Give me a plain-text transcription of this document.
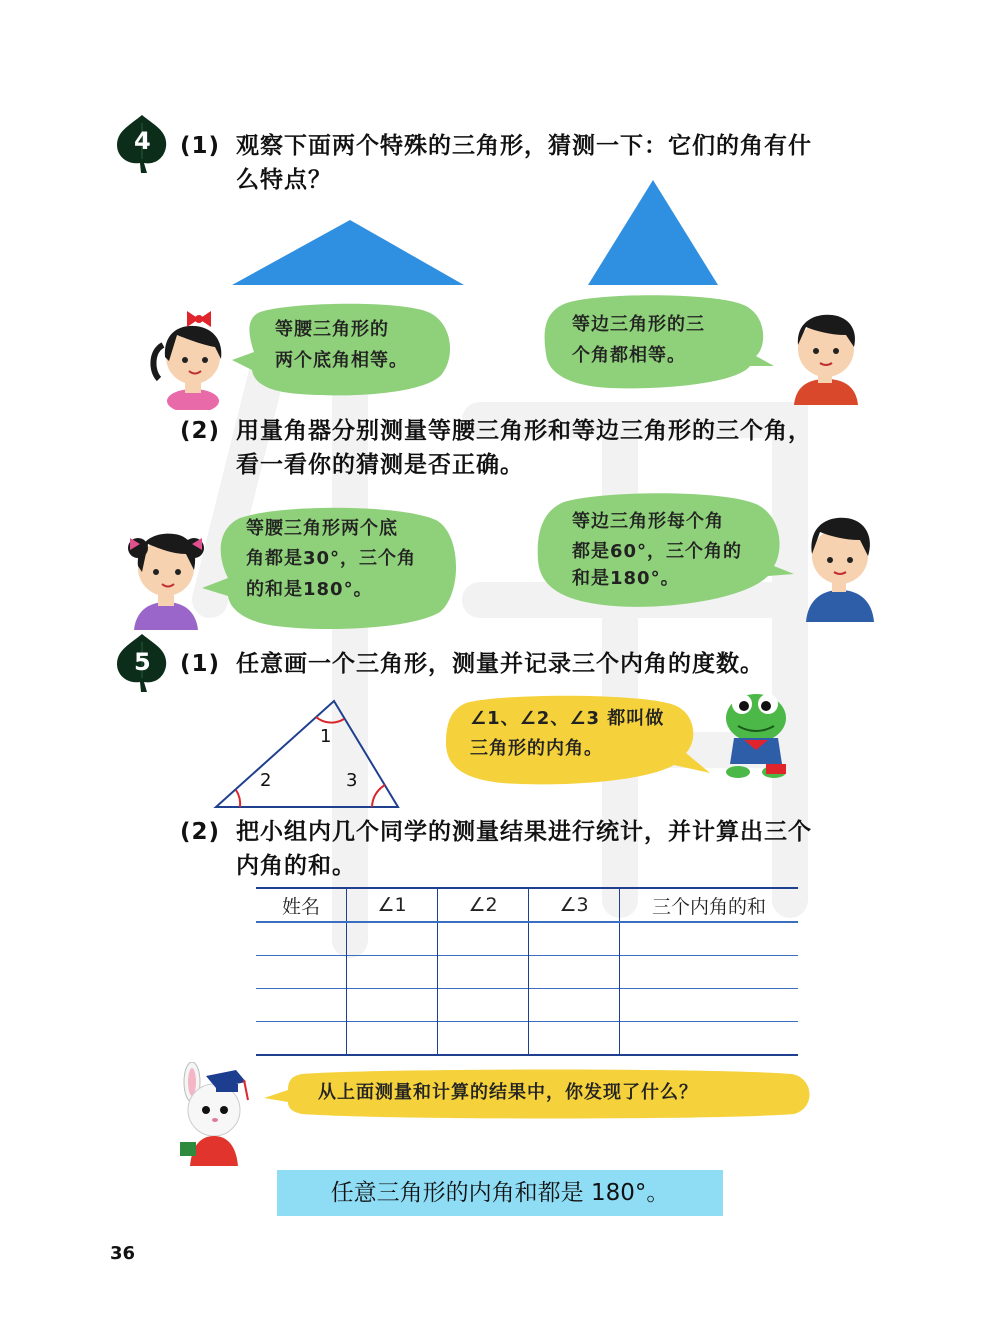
4 (1) 观察下面两个特殊的三角形，猜测一下：它们的角有什
么特点？
等腰三角形的
两个底角相等。
等边三角形的三
个角都相等。
(2) 用量角器分别测量等腰三角形和等边三角形的三个角，
看一看你的猜测是否正确。
等腰三角形两个底
角都是30°，三个角
的和是180°。
等边三角形每个角
都是60°，三个角的
和是180°。
5 (1) 任意画一个三角形，测量并记录三个内角的度数。
1
2	3
∠1、∠2、∠3 都叫做
三角形的内角。
(2) 把小组内几个同学的测量结果进行统计，并计算出三个
内角的和。
姓名	∠1	∠2	∠3	三个内角的和

从上面测量和计算的结果中，你发现了什么？
任意三角形的内角和都是 180°。
36
